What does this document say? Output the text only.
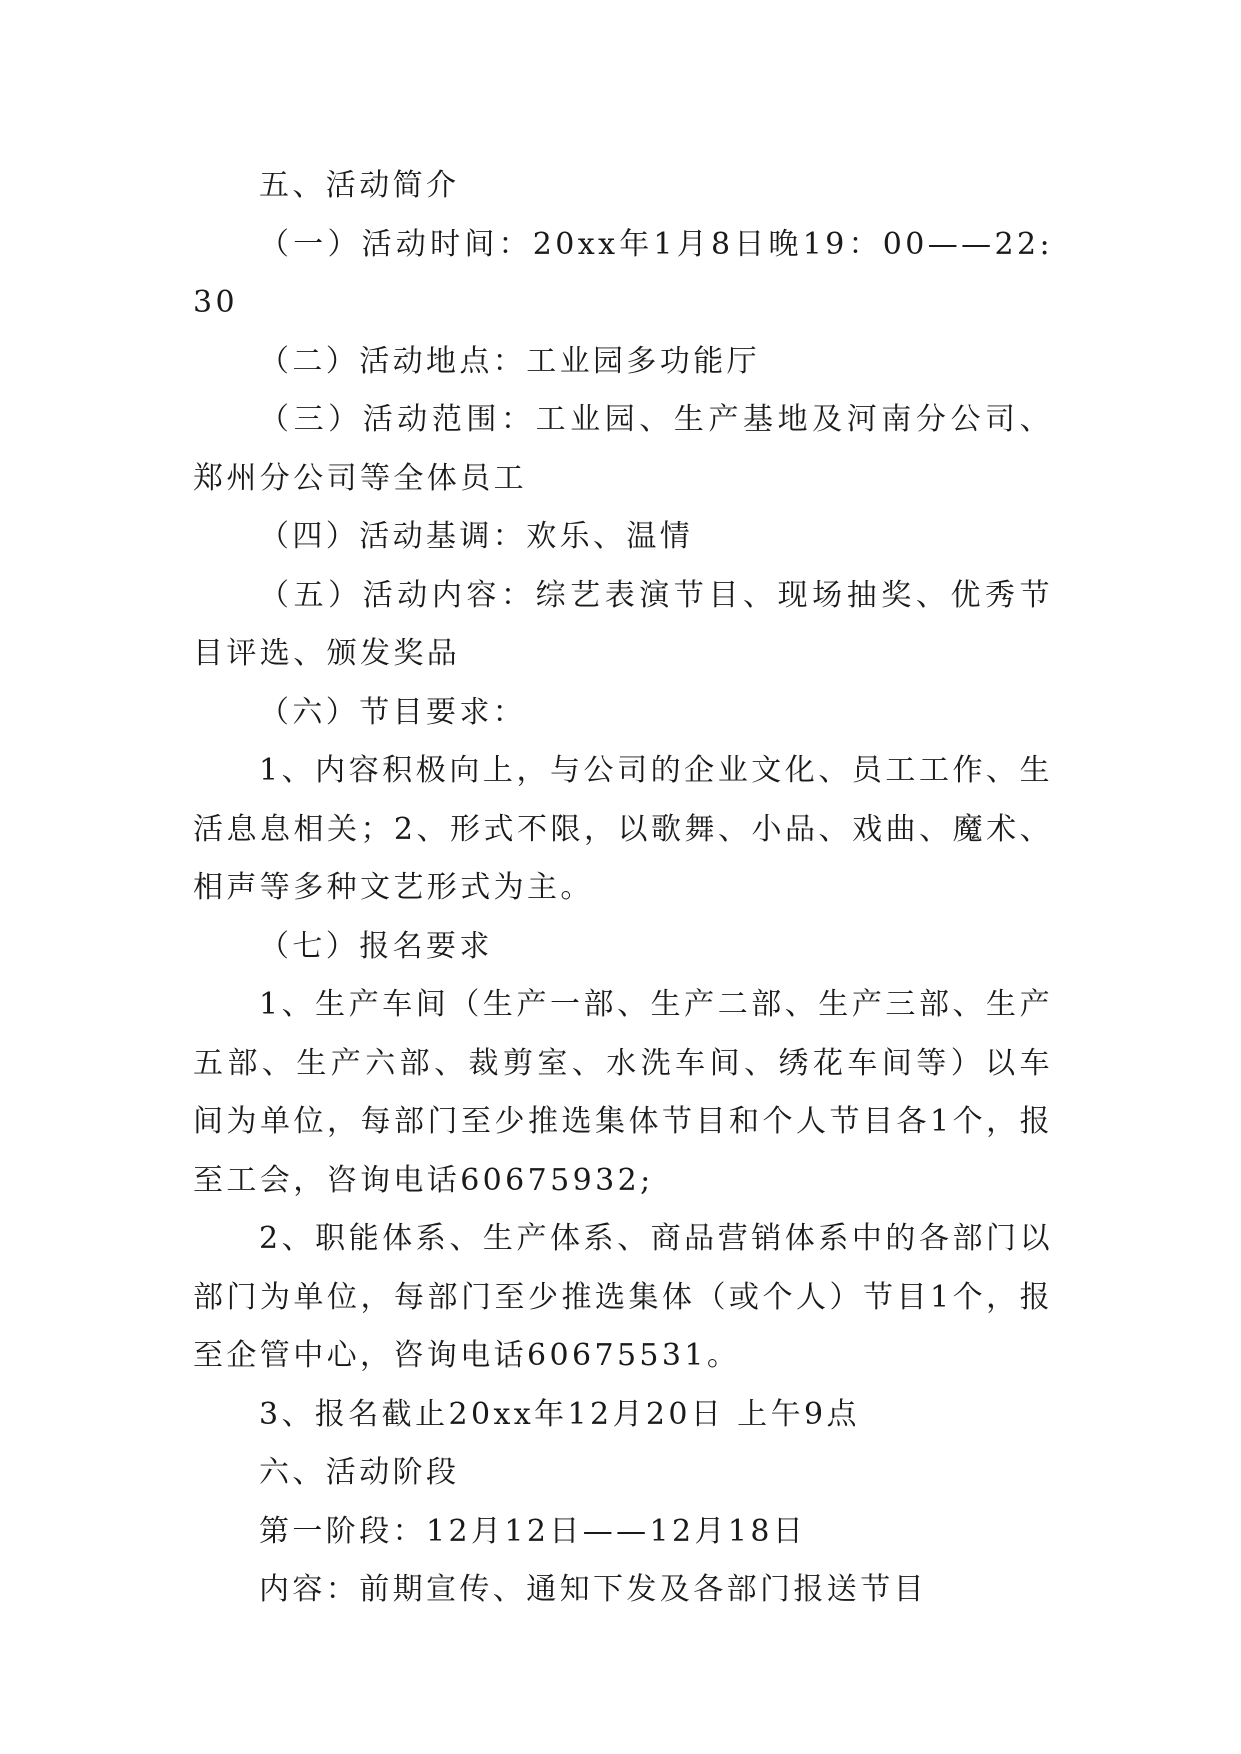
五、活动简介

（一）活动时间：20xx年1月8日晚19：00——22:30

（二）活动地点：工业园多功能厅

（三）活动范围：工业园、生产基地及河南分公司、郑州分公司等全体员工

（四）活动基调：欢乐、温情

（五）活动内容：综艺表演节目、现场抽奖、优秀节目评选、颁发奖品

（六）节目要求：

1、内容积极向上，与公司的企业文化、员工工作、生活息息相关；2、形式不限，以歌舞、小品、戏曲、魔术、相声等多种文艺形式为主。

（七）报名要求

1、生产车间（生产一部、生产二部、生产三部、生产五部、生产六部、裁剪室、水洗车间、绣花车间等）以车间为单位，每部门至少推选集体节目和个人节目各1个，报至工会，咨询电话60675932;

2、职能体系、生产体系、商品营销体系中的各部门以部门为单位，每部门至少推选集体（或个人）节目1个，报至企管中心，咨询电话60675531。

3、报名截止20xx年12月20日 上午9点

六、活动阶段

第一阶段：12月12日——12月18日

内容：前期宣传、通知下发及各部门报送节目
